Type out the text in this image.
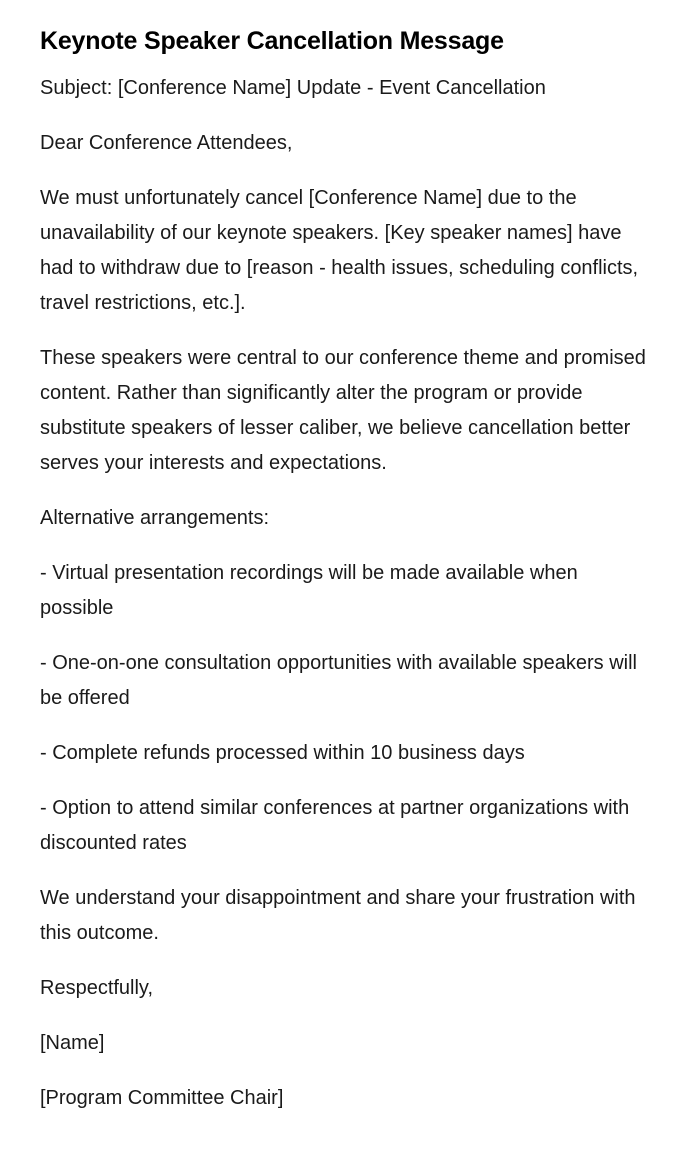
Keynote Speaker Cancellation Message

Subject: [Conference Name] Update - Event Cancellation

Dear Conference Attendees,

We must unfortunately cancel [Conference Name] due to the unavailability of our keynote speakers. [Key speaker names] have had to withdraw due to [reason - health issues, scheduling conflicts, travel restrictions, etc.].

These speakers were central to our conference theme and promised content. Rather than significantly alter the program or provide substitute speakers of lesser caliber, we believe cancellation better serves your interests and expectations.

Alternative arrangements:

- Virtual presentation recordings will be made available when possible

- One-on-one consultation opportunities with available speakers will be offered

- Complete refunds processed within 10 business days

- Option to attend similar conferences at partner organizations with discounted rates

We understand your disappointment and share your frustration with this outcome.

Respectfully,

[Name]

[Program Committee Chair]
